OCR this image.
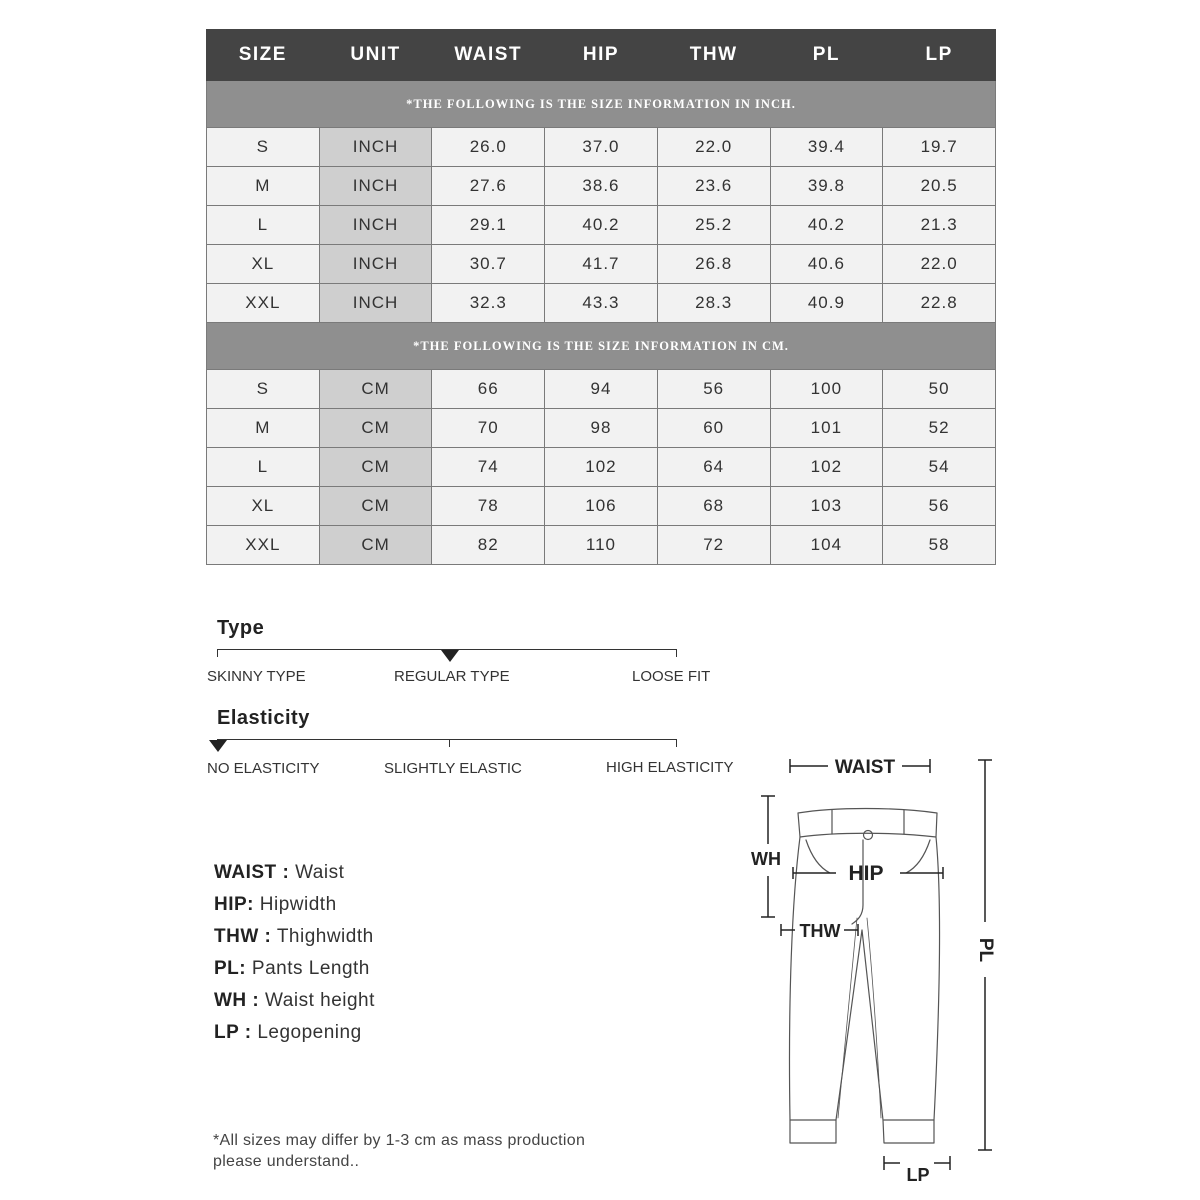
SIZE	UNIT	WAIST	HIP	THW	PL	LP
*THE FOLLOWING IS THE SIZE INFORMATION IN INCH.						
S	INCH	26.0	37.0	22.0	39.4	19.7
M	INCH	27.6	38.6	23.6	39.8	20.5
L	INCH	29.1	40.2	25.2	40.2	21.3
XL	INCH	30.7	41.7	26.8	40.6	22.0
XXL	INCH	32.3	43.3	28.3	40.9	22.8
*THE FOLLOWING IS THE SIZE INFORMATION IN CM.						
S	CM	66	94	56	100	50
M	CM	70	98	60	101	52
L	CM	74	102	64	102	54
XL	CM	78	106	68	103	56
XXL	CM	82	110	72	104	58
Type
SKINNY TYPE	REGULAR TYPE	LOOSE FIT
Elasticity
NO ELASTICITY	SLIGHTLY ELASTIC	HIGH ELASTICITY
WAIST : Waist
HIP: Hipwidth
THW : Thighwidth
PL: Pants Length
WH : Waist height
LP : Legopening
*All sizes may differ by 1-3 cm as mass production
please understand..
WAIST
WH
HIP
THW
LP
PL
